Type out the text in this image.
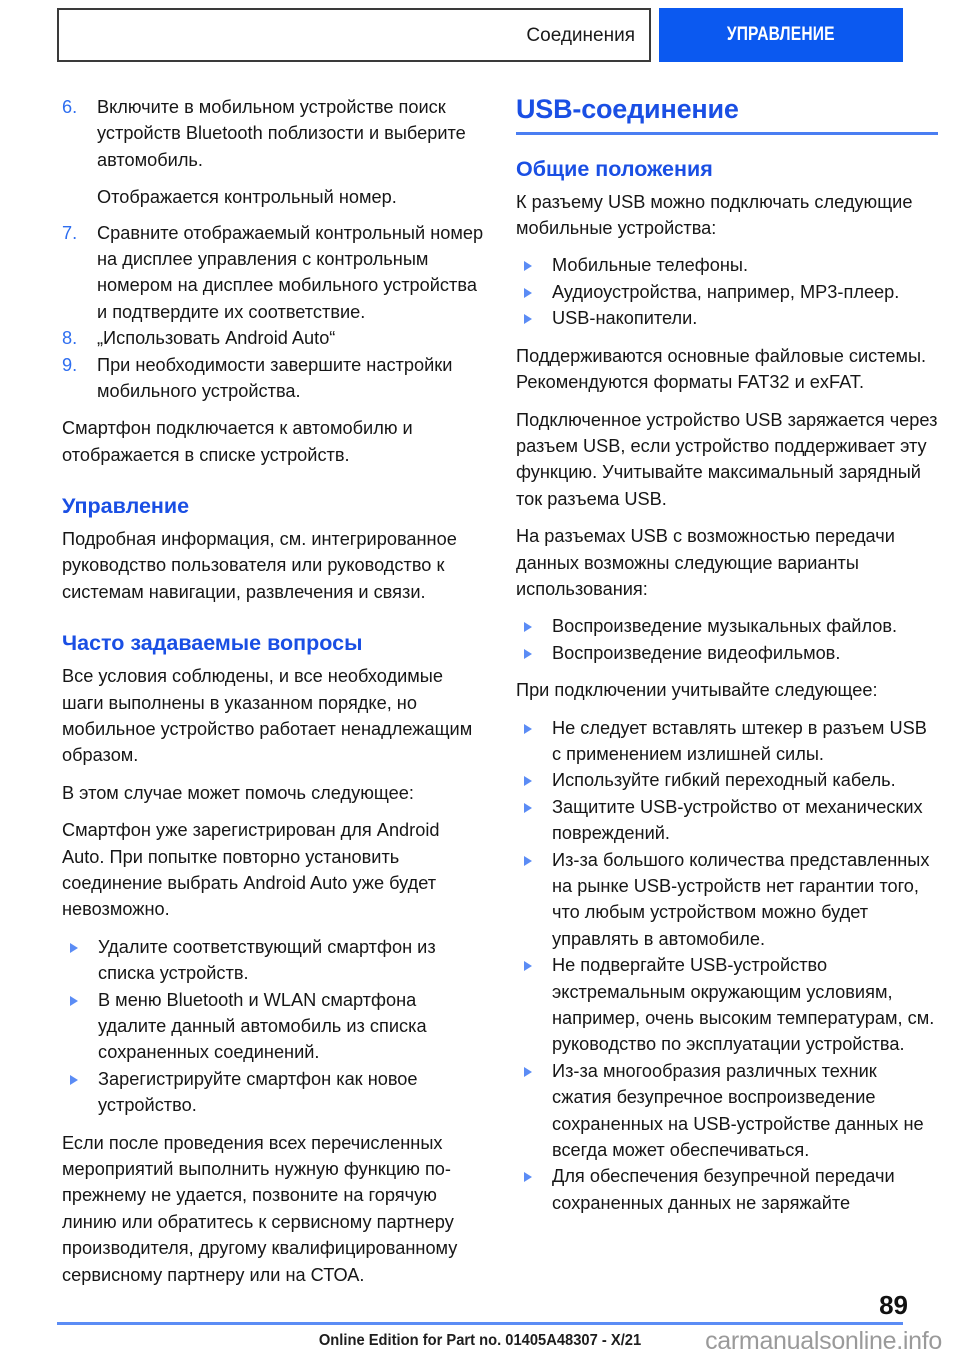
Соединения	УПРАВЛЕНИЕ
6.	Включите в мобильном устройстве поиск устройств Bluetooth поблизости и выберите автомобиль.

Отображается контрольный номер.

7.	Сравните отображаемый контрольный номер на дисплее управления с контрольным номером на дисплее мобильного устройства и подтвердите их соответствие.
8.	„Использовать Android Auto“
9.	При необходимости завершите настройки мобильного устройства.

Смартфон подключается к автомобилю и отображается в списке устройств.

Управление

Подробная информация, см. интегрированное руководство пользователя или руководство к системам навигации, развлечения и связи.

Часто задаваемые вопросы

Все условия соблюдены, и все необходимые шаги выполнены в указанном порядке, но мобильное устройство работает ненадлежащим образом.

В этом случае может помочь следующее:

Смартфон уже зарегистрирован для Android Auto. При попытке повторно установить соединение выбрать Android Auto уже будет невозможно.

Удалите соответствующий смартфон из списка устройств.
В меню Bluetooth и WLAN смартфона удалите данный автомобиль из списка сохраненных соединений.
Зарегистрируйте смартфон как новое устройство.

Если после проведения всех перечисленных мероприятий выполнить нужную функцию по-прежнему не удается, позвоните на горячую линию или обратитесь к сервисному партнеру производителя, другому квалифицированному сервисному партнеру или на СТОА.

USB-соединение
Общие положения

К разъему USB можно подключать следующие мобильные устройства:

Мобильные телефоны.
Аудиоустройства, например, MP3-плеер.
USB-накопители.

Поддерживаются основные файловые системы. Рекомендуются форматы FAT32 и exFAT.

Подключенное устройство USB заряжается через разъем USB, если устройство поддерживает эту функцию. Учитывайте максимальный зарядный ток разъема USB.

На разъемах USB с возможностью передачи данных возможны следующие варианты использования:

Воспроизведение музыкальных файлов.
Воспроизведение видеофильмов.

При подключении учитывайте следующее:

Не следует вставлять штекер в разъем USB с применением излишней силы.
Используйте гибкий переходный кабель.
Защитите USB-устройство от механических повреждений.
Из-за большого количества представленных на рынке USB-устройств нет гарантии того, что любым устройством можно будет управлять в автомобиле.
Не подвергайте USB-устройство экстремальным окружающим условиям, например, очень высоким температурам, см. руководство по эксплуатации устройства.
Из-за многообразия различных техник сжатия безупречное воспроизведение сохраненных на USB-устройстве данных не всегда может обеспечиваться.
Для обеспечения безупречной передачи сохраненных данных не заряжайте
89
Online Edition for Part no. 01405A48307 - X/21	carmanualsonline.info
